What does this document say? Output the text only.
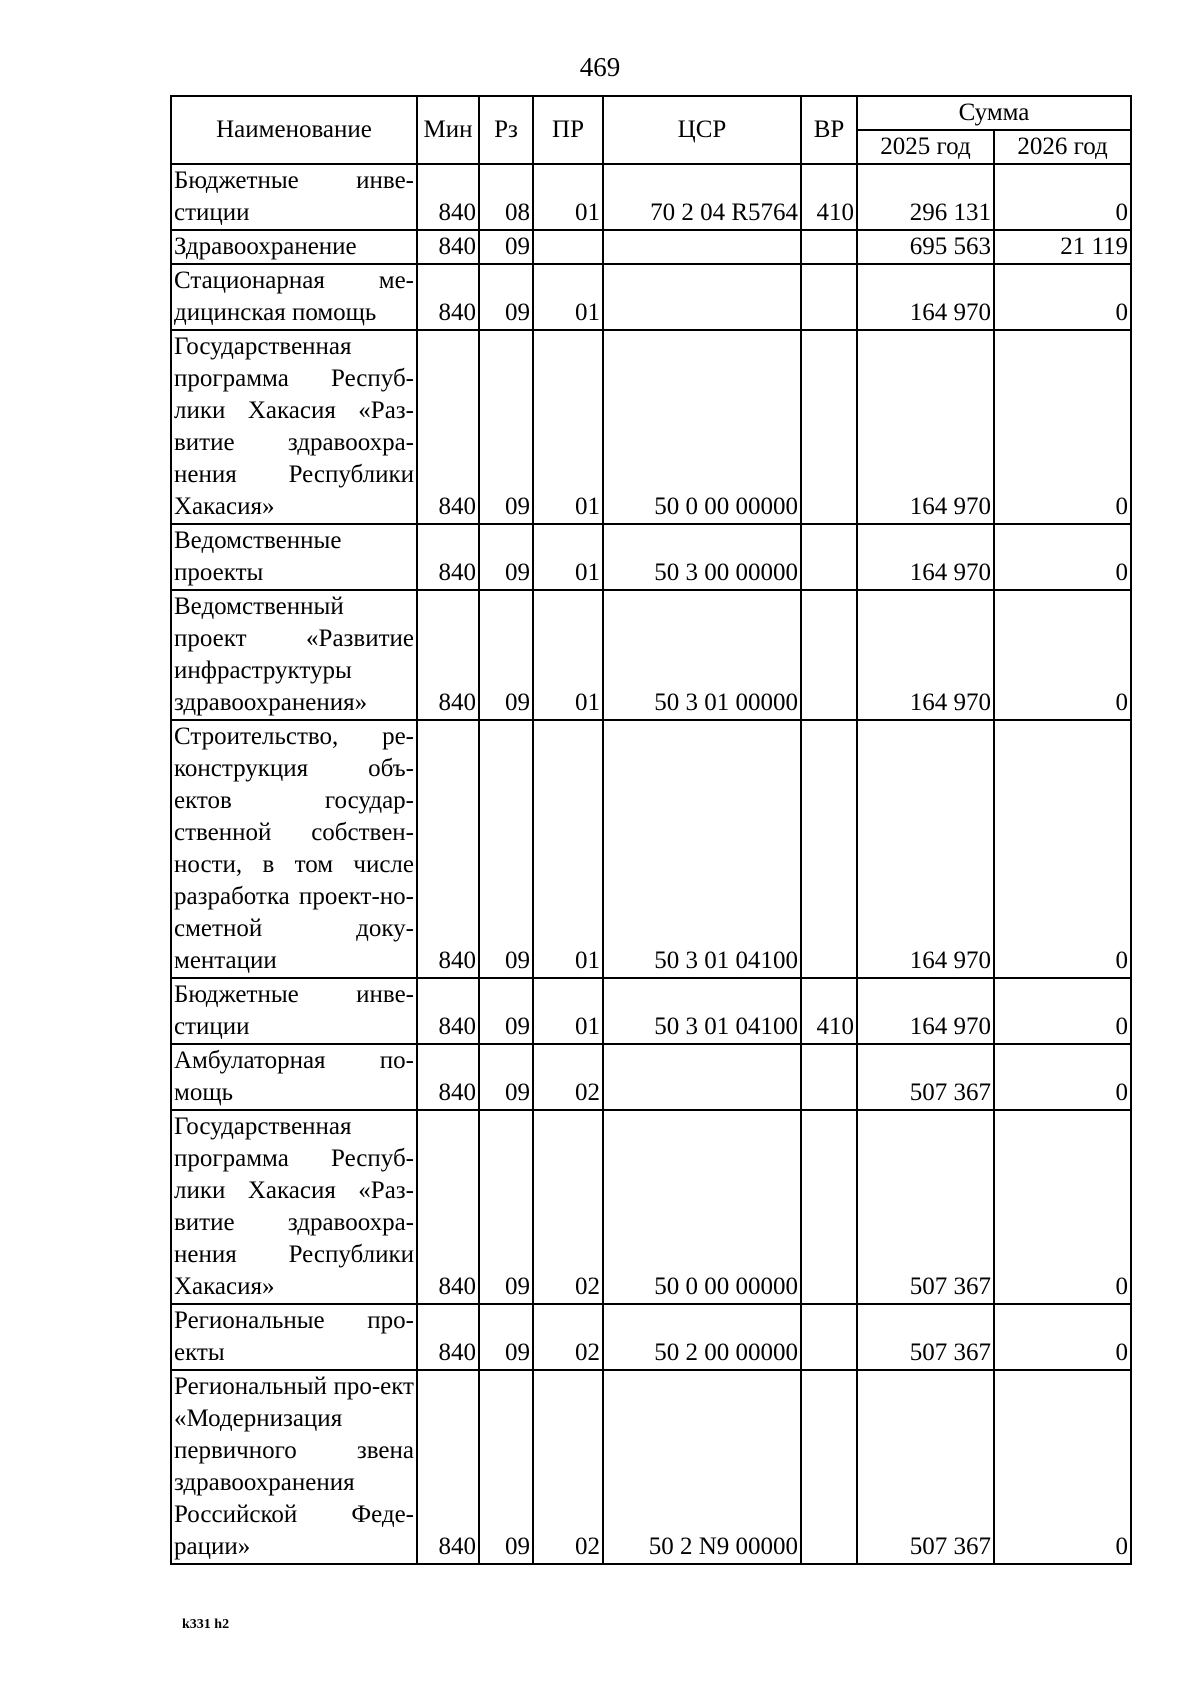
469
Наименование	Мин	Рз	ПР	ЦСР	ВР	Сумма	
						2025 год	2026 год
Бюджетные инве-стиции	840	08	01	70 2 04 R5764	410	296 131	0
Здравоохранение	840	09				695 563	21 119
Стационарная ме-дицинская помощь	840	09	01			164 970	0
Государственная программа Респуб-лики Хакасия «Раз-витие здравоохра-нения Республики Хакасия»	840	09	01	50 0 00 00000		164 970	0
Ведомственные проекты	840	09	01	50 3 00 00000		164 970	0
Ведомственный проект «Развитие инфраструктуры здравоохранения»	840	09	01	50 3 01 00000		164 970	0
Строительство, ре-конструкция объ-ектов государ-ственной собствен-ности, в том числе разработка проект-но-сметной доку-ментации	840	09	01	50 3 01 04100		164 970	0
Бюджетные инве-стиции	840	09	01	50 3 01 04100	410	164 970	0
Амбулаторная по-мощь	840	09	02			507 367	0
Государственная программа Респуб-лики Хакасия «Раз-витие здравоохра-нения Республики Хакасия»	840	09	02	50 0 00 00000		507 367	0
Региональные про-екты	840	09	02	50 2 00 00000		507 367	0
Региональный про-ект «Модернизация первичного звена здравоохранения Российской Феде-рации»	840	09	02	50 2 N9 00000		507 367	0
k331 h2
